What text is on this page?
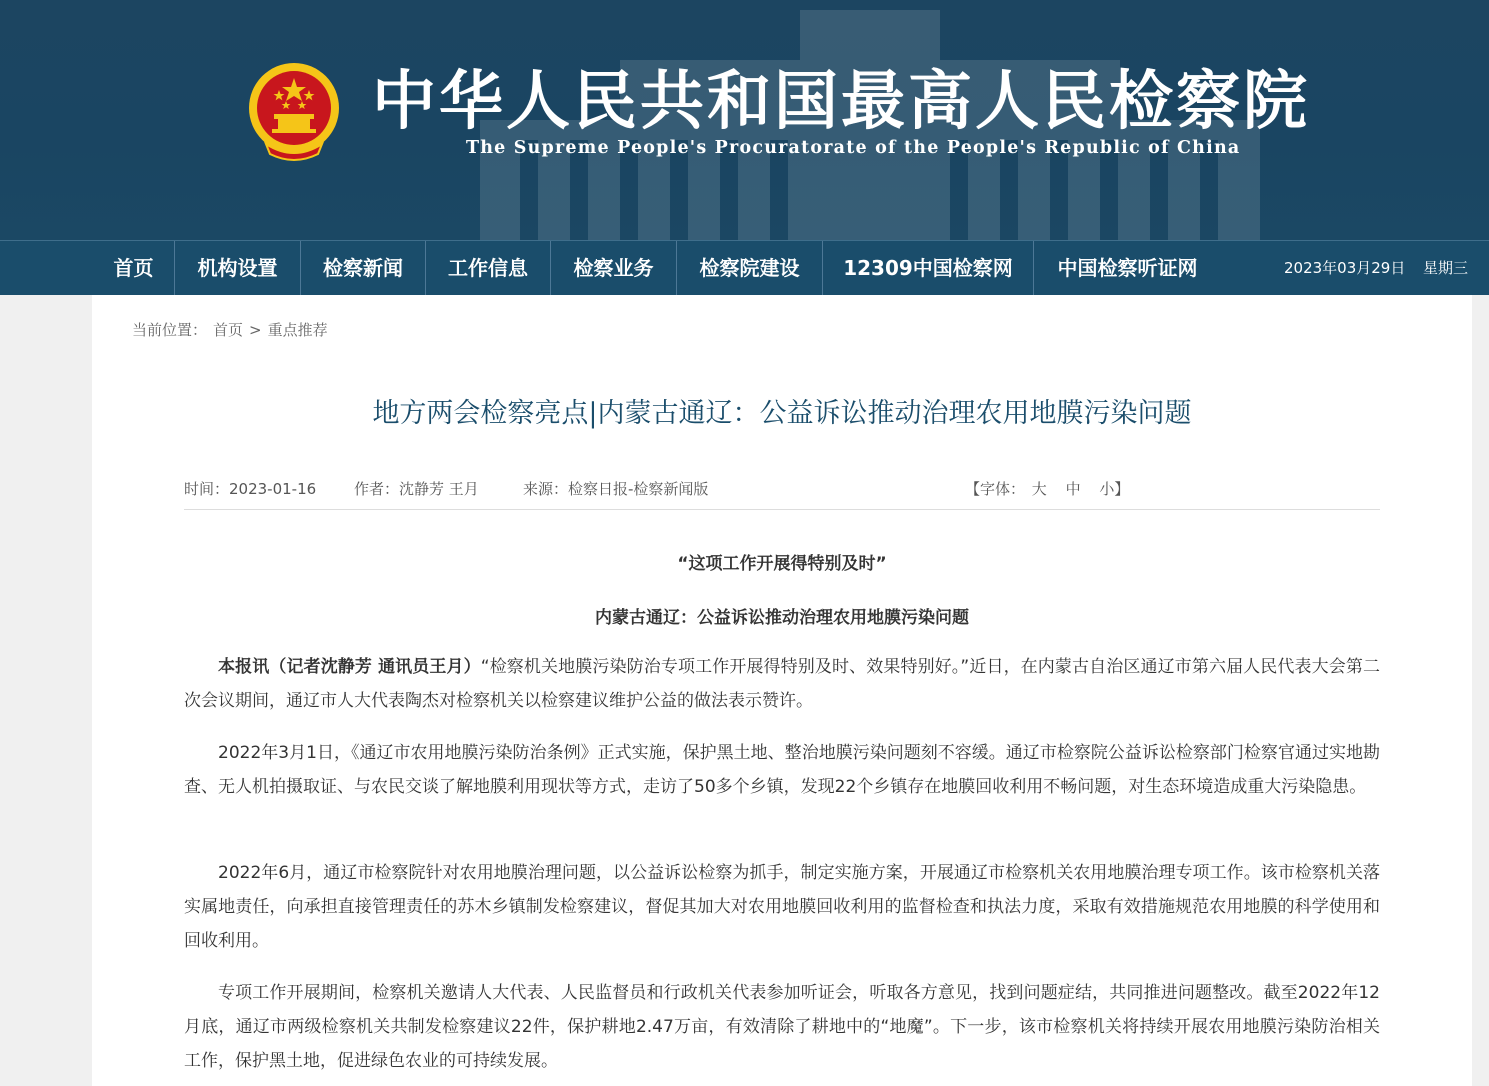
中华人民共和国最高人民检察院
The Supreme People's Procuratorate of the People's Republic of China
首页	机构设置	检察新闻	工作信息	检察业务	检察院建设	12309中国检察网	中国检察听证网	2023年03月29日 星期三
当前位置： 首页 > 重点推荐
地方两会检察亮点|内蒙古通辽：公益诉讼推动治理农用地膜污染问题
时间：2023-01-16	作者：沈静芳 王月	来源：检察日报-检察新闻版	【字体： 大 中 小】
“这项工作开展得特别及时”
内蒙古通辽：公益诉讼推动治理农用地膜污染问题

本报讯（记者沈静芳 通讯员王月）“检察机关地膜污染防治专项工作开展得特别及时、效果特别好。”近日，在内蒙古自治区通辽市第六届人民代表大会第二次会议期间，通辽市人大代表陶杰对检察机关以检察建议维护公益的做法表示赞许。

2022年3月1日，《通辽市农用地膜污染防治条例》正式实施，保护黑土地、整治地膜污染问题刻不容缓。通辽市检察院公益诉讼检察部门检察官通过实地勘查、无人机拍摄取证、与农民交谈了解地膜利用现状等方式，走访了50多个乡镇，发现22个乡镇存在地膜回收利用不畅问题，对生态环境造成重大污染隐患。

2022年6月，通辽市检察院针对农用地膜治理问题，以公益诉讼检察为抓手，制定实施方案，开展通辽市检察机关农用地膜治理专项工作。该市检察机关落实属地责任，向承担直接管理责任的苏木乡镇制发检察建议，督促其加大对农用地膜回收利用的监督检查和执法力度，采取有效措施规范农用地膜的科学使用和回收利用。

专项工作开展期间，检察机关邀请人大代表、人民监督员和行政机关代表参加听证会，听取各方意见，找到问题症结，共同推进问题整改。截至2022年12月底，通辽市两级检察机关共制发检察建议22件，保护耕地2.47万亩，有效清除了耕地中的“地魔”。下一步，该市检察机关将持续开展农用地膜污染防治相关工作，保护黑土地，促进绿色农业的可持续发展。
